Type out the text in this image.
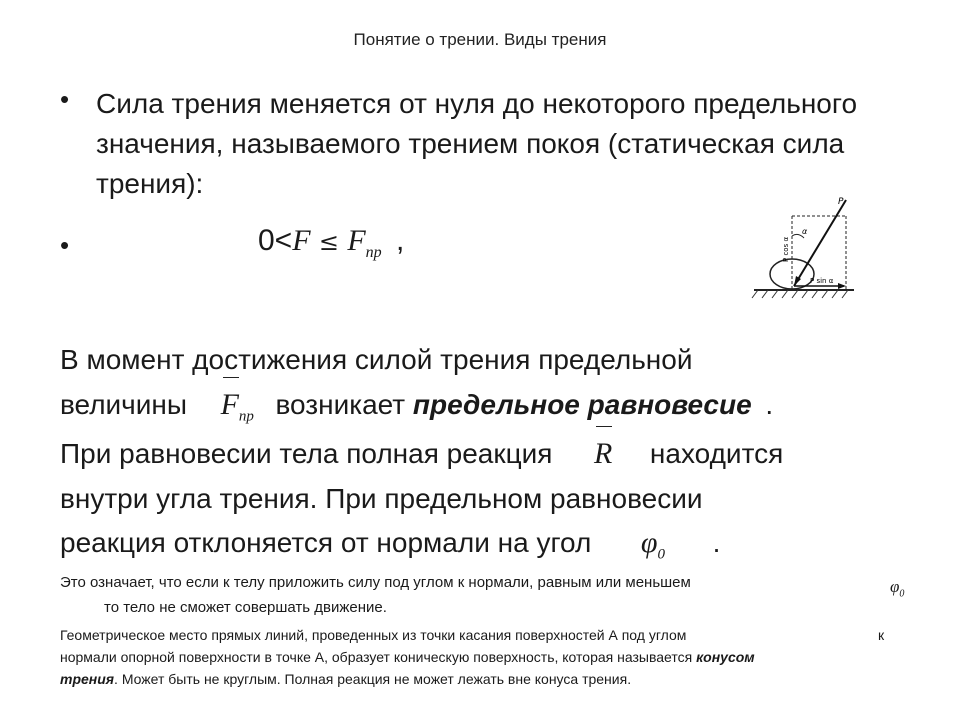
Понятие о трении. Виды трения
• Сила трения меняется от нуля до некоторого предельного значения, называемого трением покоя (статическая сила трения):
•	$0<F \le F_{пр}$ ,
P
α
P cos α
P sin α
В момент достижения силой трения предельной
величины $F_{пр}$ возникает предельное равновесие .
При равновесии тела полная реакция R находится
внутри угла трения. При предельном равновесии
реакция отклоняется от нормали на угол $\varphi_0$ .
Это означает, что если к телу приложить силу под углом к нормали, равным или меньшем	$\varphi_0$
то тело не сможет совершать движение.
Геометрическое место прямых линий, проведенных из точки касания поверхностей А под углом	к
нормали опорной поверхности в точке А, образует коническую поверхность, которая называется конусом
трения. Может быть не круглым. Полная реакция не может лежать вне конуса трения.
